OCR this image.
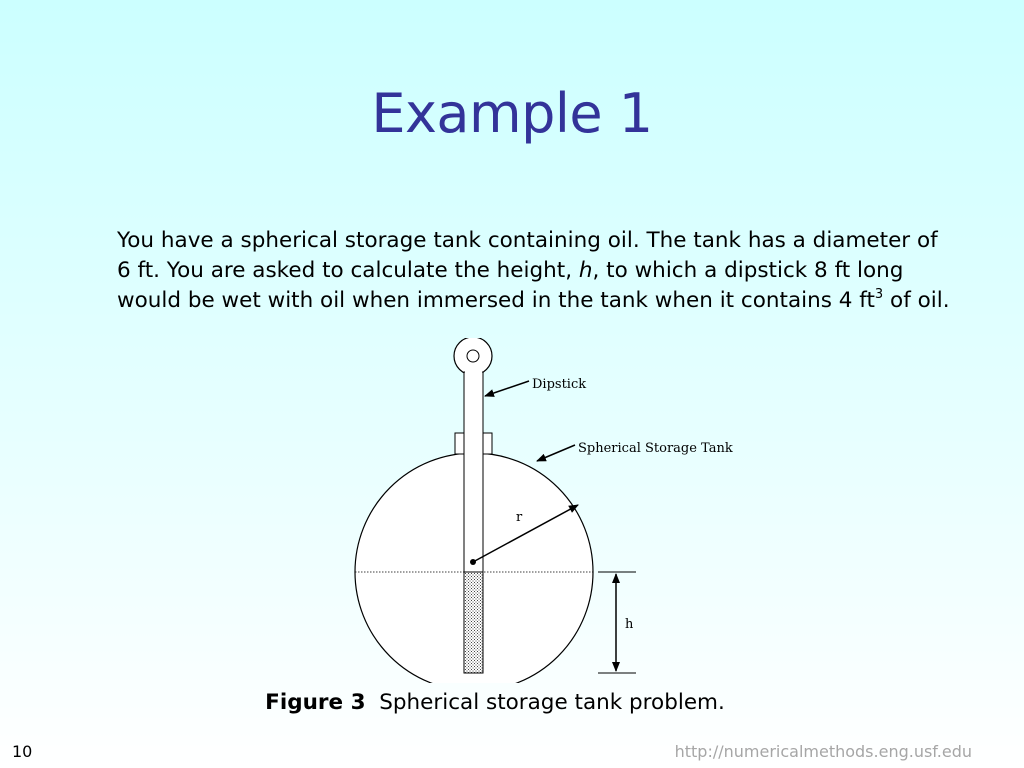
Example 1

You have a spherical storage tank containing oil. The tank has a diameter of 6 ft. You are asked to calculate the height, h, to which a dipstick 8 ft long would be wet with oil when immersed in the tank when it contains 4 $ft^3$ of oil.

r
Dipstick
Spherical Storage Tank
h
Figure 3 Spherical storage tank problem.
10	http://numericalmethods.eng.usf.edu
